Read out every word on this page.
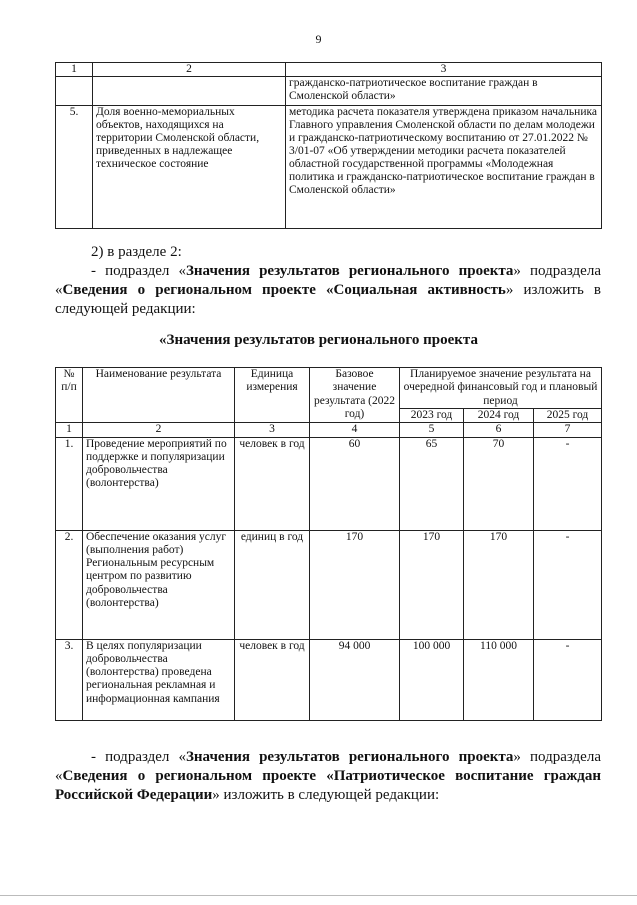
9
1	2	3
		гражданско-патриотическое воспитание граждан в Смоленской области»
5.	Доля военно-мемориальных объектов, находящихся на территории Смоленской области, приведенных в надлежащее техническое состояние	методика расчета показателя утверждена приказом начальника Главного управления Смоленской области по делам молодежи и гражданско-патриотическому воспитанию от 27.01.2022 № 3/01-07 «Об утверждении методики расчета показателей областной государственной программы «Молодежная политика и гражданско-патриотическое воспитание граждан в Смоленской области»
2) в разделе 2:
- подраздел «Значения результатов регионального проекта» подраздела «Сведения о региональном проекте «Социальная активность» изложить в следующей редакции:
«Значения результатов регионального проекта
№ п/п	Наименование результата	Единица измерения	Базовое значение результата (2022 год)	Планируемое значение результата на очередной финансовый год и плановый период		
				2023 год	2024 год	2025 год
1	2	3	4	5	6	7
1.	Проведение мероприятий по поддержке и популяризации добровольчества (волонтерства)	человек в год	60	65	70	-
2.	Обеспечение оказания услуг (выполнения работ) Региональным ресурсным центром по развитию добровольчества (волонтерства)	единиц в год	170	170	170	-
3.	В целях популяризации добровольчества (волонтерства) проведена региональная рекламная и информационная кампания	человек в год	94 000	100 000	110 000	-
- подраздел «Значения результатов регионального проекта» подраздела «Сведения о региональном проекте «Патриотическое воспитание граждан Российской Федерации» изложить в следующей редакции:
